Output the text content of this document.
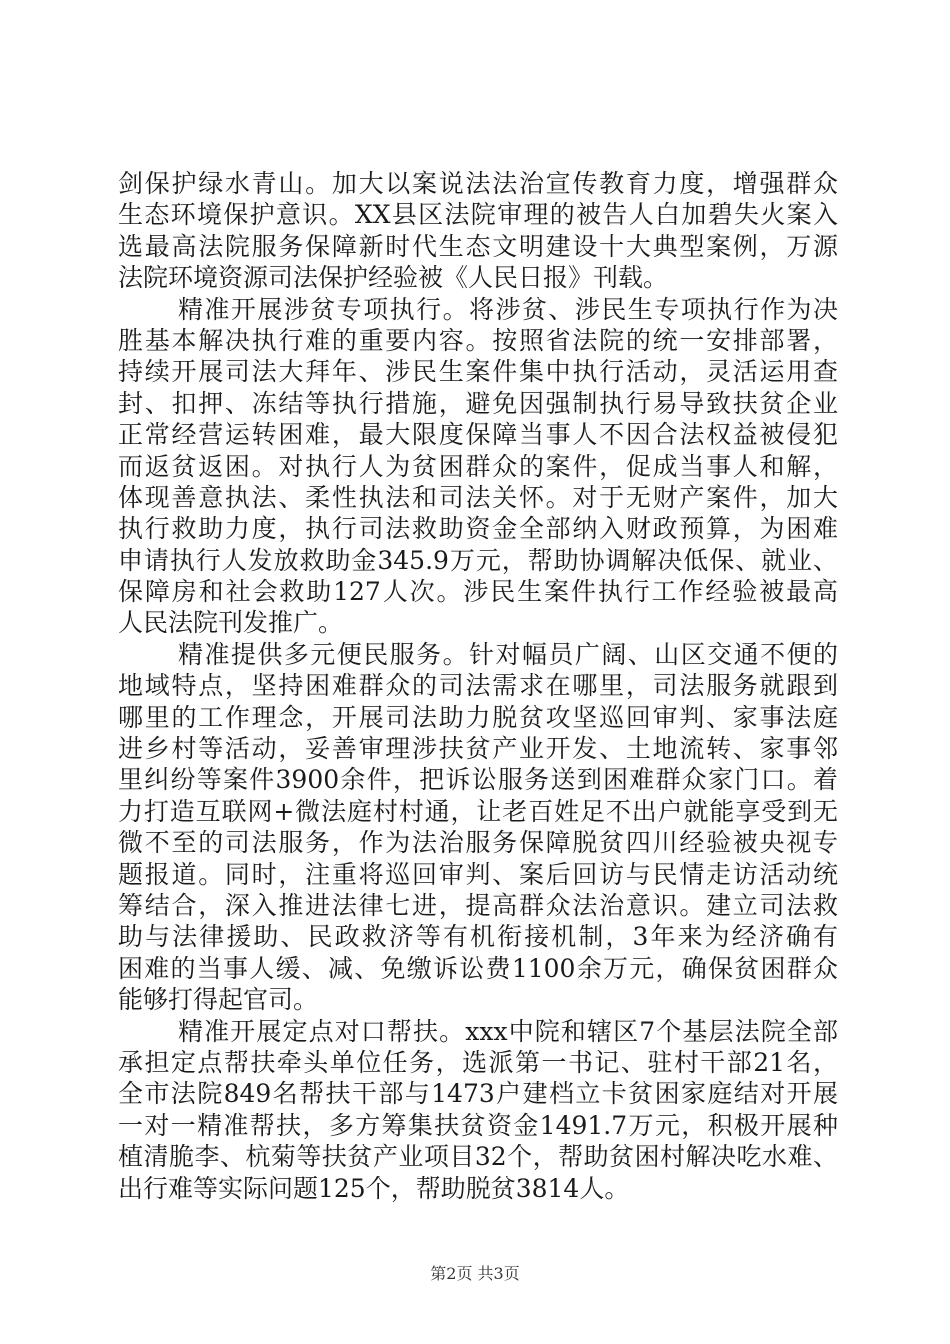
剑保护绿水青山。加大以案说法法治宣传教育力度，增强群众
生态环境保护意识。XX县区法院审理的被告人白加碧失火案入
选最高法院服务保障新时代生态文明建设十大典型案例，万源
法院环境资源司法保护经验被《人民日报》刊载。
精准开展涉贫专项执行。将涉贫、涉民生专项执行作为决
胜基本解决执行难的重要内容。按照省法院的统一安排部署，
持续开展司法大拜年、涉民生案件集中执行活动，灵活运用查
封、扣押、冻结等执行措施，避免因强制执行易导致扶贫企业
正常经营运转困难，最大限度保障当事人不因合法权益被侵犯
而返贫返困。对执行人为贫困群众的案件，促成当事人和解，
体现善意执法、柔性执法和司法关怀。对于无财产案件，加大
执行救助力度，执行司法救助资金全部纳入财政预算，为困难
申请执行人发放救助金345.9万元，帮助协调解决低保、就业、
保障房和社会救助127人次。涉民生案件执行工作经验被最高
人民法院刊发推广。
精准提供多元便民服务。针对幅员广阔、山区交通不便的
地域特点，坚持困难群众的司法需求在哪里，司法服务就跟到
哪里的工作理念，开展司法助力脱贫攻坚巡回审判、家事法庭
进乡村等活动，妥善审理涉扶贫产业开发、土地流转、家事邻
里纠纷等案件3900余件，把诉讼服务送到困难群众家门口。着
力打造互联网+微法庭村村通，让老百姓足不出户就能享受到无
微不至的司法服务，作为法治服务保障脱贫四川经验被央视专
题报道。同时，注重将巡回审判、案后回访与民情走访活动统
筹结合，深入推进法律七进，提高群众法治意识。建立司法救
助与法律援助、民政救济等有机衔接机制，3年来为经济确有
困难的当事人缓、减、免缴诉讼费1100余万元，确保贫困群众
能够打得起官司。
精准开展定点对口帮扶。xxx中院和辖区7个基层法院全部
承担定点帮扶牵头单位任务，选派第一书记、驻村干部21名，
全市法院849名帮扶干部与1473户建档立卡贫困家庭结对开展
一对一精准帮扶，多方筹集扶贫资金1491.7万元，积极开展种
植清脆李、杭菊等扶贫产业项目32个，帮助贫困村解决吃水难、
出行难等实际问题125个，帮助脱贫3814人。
第2页 共3页
